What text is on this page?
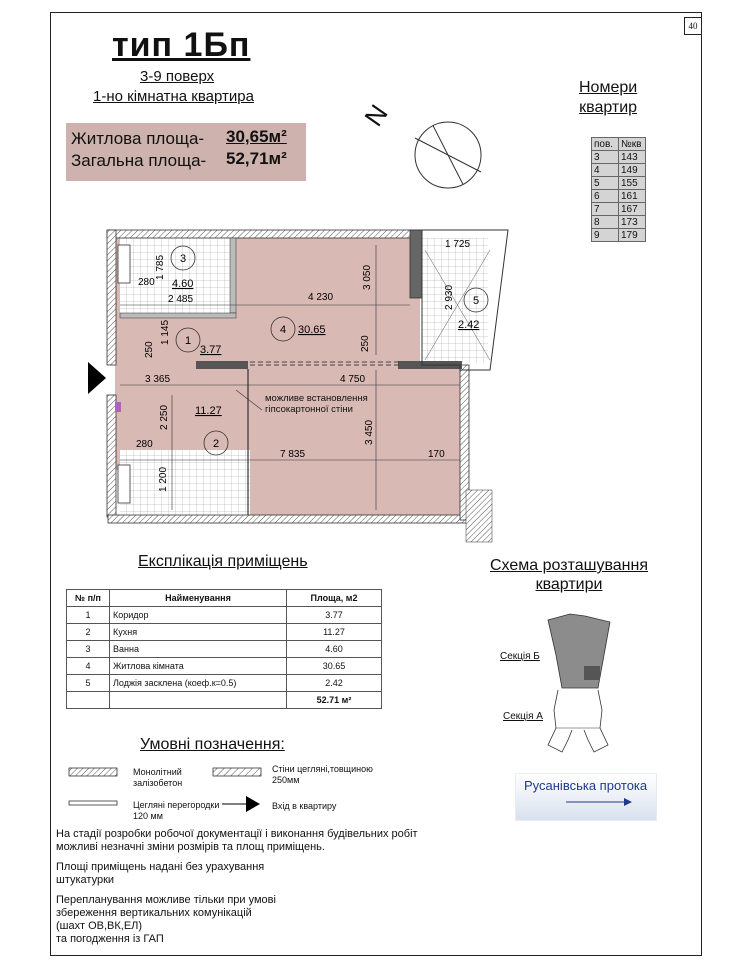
40
тип 1Бп
3-9 поверх
1-но кімнатна квартира
Житлова площа- 30,65м²
Загальна площа- 52,71м²
N
Номери
квартир
пов.	№кв
3	143
4	149
5	155
6	161
7	167
8	173
9	179
3
1
4
2
5
4.60
3.77
30.65
11.27
2.42
1 725
3 050
280
1 785
2 485	4 230	2 930
1 145
250	250
3 365	4 750
2 250
280
7 835
3 450
170
1 200
можливе встановлення гіпсокартонної стіни
Експлікація приміщень
№ п/п	Найменування	Площа, м2
1	Коридор	3.77
2	Кухня	11.27
3	Ванна	4.60
4	Житлова кімната	30.65
5	Лоджія засклена (коеф.к=0.5)	2.42
		52.71 м²
Схема розташування
квартири
Секція Б
Секція А
Русанівська протока
Умовні позначення:
Монолітний
залізобетон
Стіни цегляні,товщиною
250мм
Цегляні перегородки
120 мм
Вхід в квартиру

На стадії розробки робочої документації і виконання будівельних робіт
можливі незначні зміни розмірів та площ приміщень.

Площі приміщень надані без урахування
штукатурки

Перепланування можливе тільки при умові
збереження вертикальних комунікацій
(шахт ОВ,ВК,ЕЛ)
та погодження із ГАП
